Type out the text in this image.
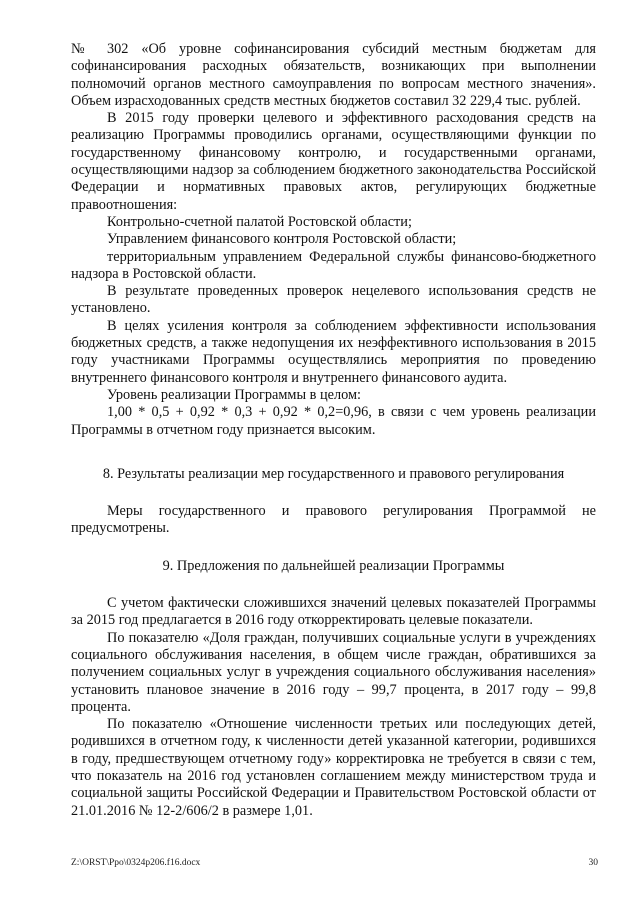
№ 302 «Об уровне софинансирования субсидий местным бюджетам для софинансирования расходных обязательств, возникающих при выполнении полномочий органов местного самоуправления по вопросам местного значения». Объем израсходованных средств местных бюджетов составил 32 229,4 тыс. рублей.

В 2015 году проверки целевого и эффективного расходования средств на реализацию Программы проводились органами, осуществляющими функции по государственному финансовому контролю, и государственными органами, осуществляющими надзор за соблюдением бюджетного законодательства Российской Федерации и нормативных правовых актов, регулирующих бюджетные правоотношения:

Контрольно-счетной палатой Ростовской области;

Управлением финансового контроля Ростовской области;

территориальным управлением Федеральной службы финансово-бюджетного надзора в Ростовской области.

В результате проведенных проверок нецелевого использования средств не установлено.

В целях усиления контроля за соблюдением эффективности использования бюджетных средств, а также недопущения их неэффективного использования в 2015 году участниками Программы осуществлялись мероприятия по проведению внутреннего финансового контроля и внутреннего финансового аудита.

Уровень реализации Программы в целом:

1,00 * 0,5 + 0,92 * 0,3 + 0,92 * 0,2=0,96, в связи с чем уровень реализации Программы в отчетном году признается высоким.

8. Результаты реализации мер государственного и правового регулирования

Меры государственного и правового регулирования Программой не предусмотрены.

9. Предложения по дальнейшей реализации Программы

С учетом фактически сложившихся значений целевых показателей Программы за 2015 год предлагается в 2016 году откорректировать целевые показатели.

По показателю «Доля граждан, получивших социальные услуги в учреждениях социального обслуживания населения, в общем числе граждан, обратившихся за получением социальных услуг в учреждения социального обслуживания населения» установить плановое значение в 2016 году – 99,7 процента, в 2017 году – 99,8 процента.

По показателю «Отношение численности третьих или последующих детей, родившихся в отчетном году, к численности детей указанной категории, родившихся в году, предшествующем отчетному году» корректировка не требуется в связи с тем, что показатель на 2016 год установлен соглашением между министерством труда и социальной защиты Российской Федерации и Правительством Ростовской области от 21.01.2016 № 12-2/606/2 в размере 1,01.

Z:\ORST\Ppo\0324p206.f16.docx	30
